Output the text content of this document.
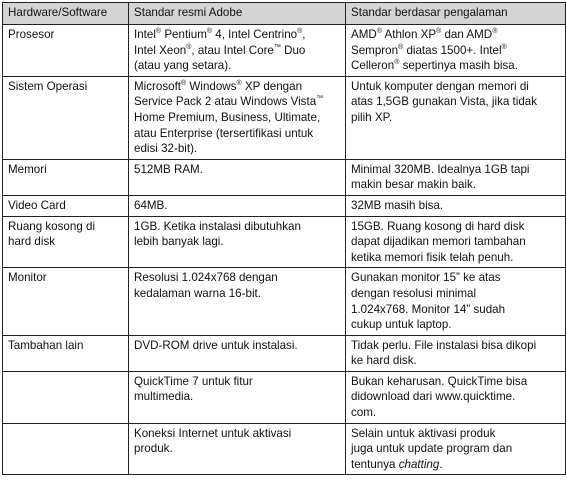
Hardware/Software	Standar resmi Adobe	Standar berdasar pengalaman

Prosesor	Intel® Pentium® 4, Intel Centrino®,
Intel Xeon®, atau Intel Core™ Duo
(atau yang setara).	AMD® Athlon XP® dan AMD®
Sempron® diatas 1500+. Intel®
Celleron® sepertinya masih bisa.

Sistem Operasi	Microsoft® Windows® XP dengan
Service Pack 2 atau Windows Vista™
Home Premium, Business, Ultimate,
atau Enterprise (tersertifikasi untuk
edisi 32-bit).	Untuk komputer dengan memori di
atas 1,5GB gunakan Vista, jika tidak
pilih XP.

Memori	512MB RAM.	Minimal 320MB. Idealnya 1GB tapi
makin besar makin baik.

Video Card	64MB.	32MB masih bisa.

Ruang kosong di
hard disk	1GB. Ketika instalasi dibutuhkan
lebih banyak lagi.	15GB. Ruang kosong di hard disk
dapat dijadikan memori tambahan
ketika memori fisik telah penuh.

Monitor	Resolusi 1.024x768 dengan
kedalaman warna 16-bit.	Gunakan monitor 15” ke atas
dengan resolusi minimal
1.024x768. Monitor 14” sudah
cukup untuk laptop.

Tambahan lain	DVD-ROM drive untuk instalasi.	Tidak perlu. File instalasi bisa dikopi
ke hard disk.

	QuickTime 7 untuk fitur
multimedia.	Bukan keharusan. QuickTime bisa
didownload dari www.quicktime.
com.

	Koneksi Internet untuk aktivasi
produk.	Selain untuk aktivasi produk
juga untuk update program dan
tentunya chatting.
